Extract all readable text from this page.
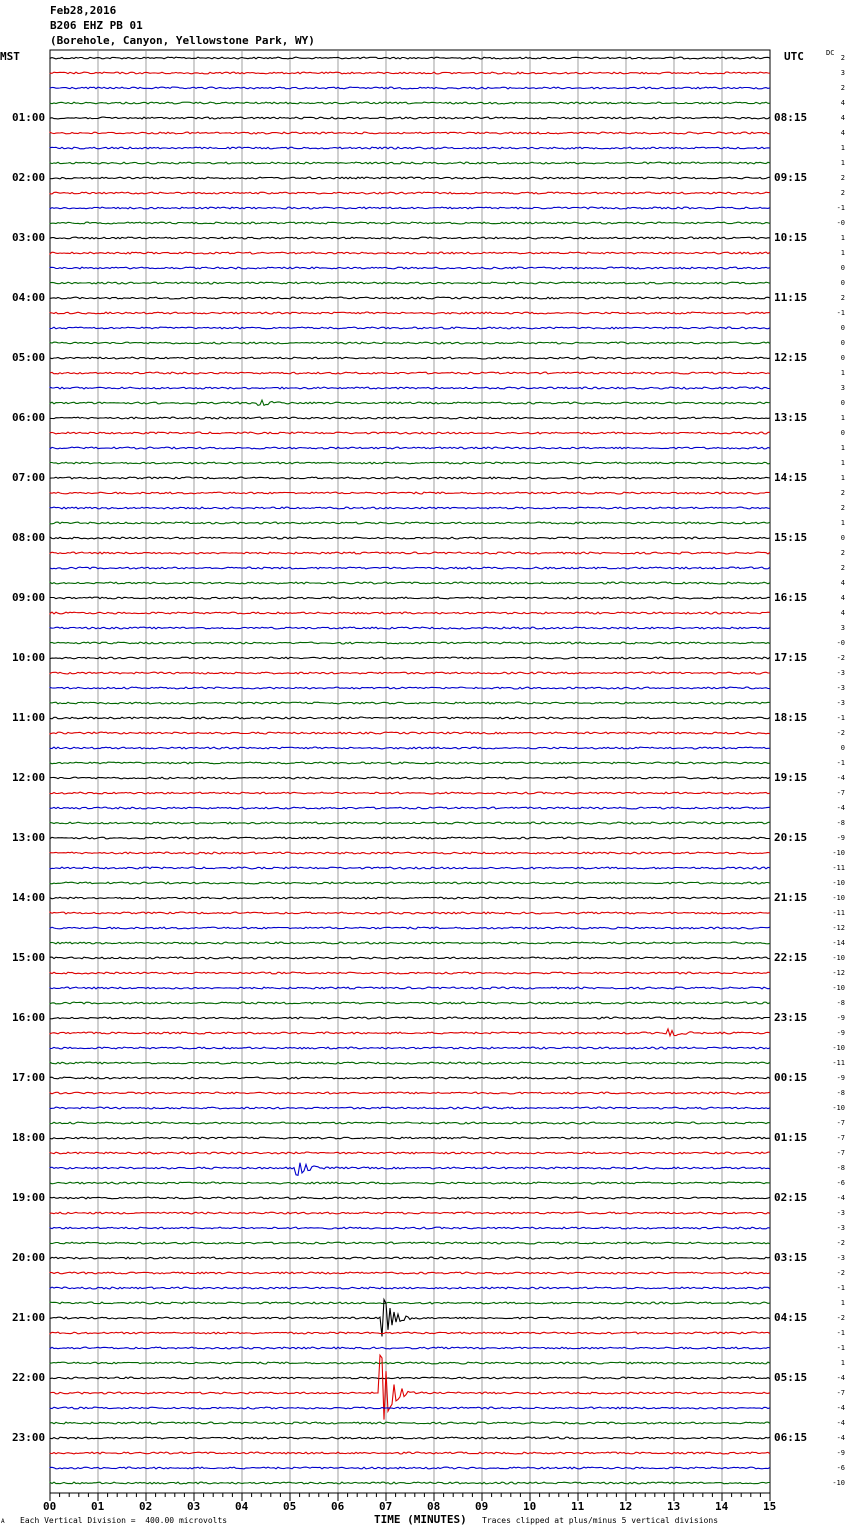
Feb28,2016
B206 EHZ PB 01
(Borehole, Canyon, Yellowstone Park, WY)
MST	UTC	DC
01:00
02:00
03:00
04:00
05:00
06:00
07:00
08:00
09:00
10:00
11:00
12:00
13:00
14:00
15:00
16:00
17:00
18:00
19:00
20:00
21:00
22:00
23:00
08:15
09:15
10:15
11:15
12:15
13:15
14:15
15:15
16:15
17:15
18:15
19:15
20:15
21:15
22:15
23:15
00:15
01:15
02:15
03:15
04:15
05:15
06:15
2
3
2
4
4
4
1
1
2
2
-1
-0
1
1
0
0
2
-1
0
0
0
1
3
0
1
0
1
1
1
2
2
1
0
2
2
4
4
4
3
-0
-2
-3
-3
-3
-1
-2
0
-1
-4
-7
-4
-8
-9
-10
-11
-10
-10
-11
-12
-14
-10
-12
-10
-8
-9
-9
-10
-11
-9
-8
-10
-7
-7
-7
-8
-6
-4
-3
-3
-2
-3
-2
-1
1
-2
-1
-1
1
-4
-7
-4
-4
-4
-9
-6
-10
00	01	02	03	04	05	06	07	08	09	10	11	12	13	14	15
A Each Vertical Division =  400.00 microvolts	TIME (MINUTES) Traces clipped at plus/minus 5 vertical divisions
